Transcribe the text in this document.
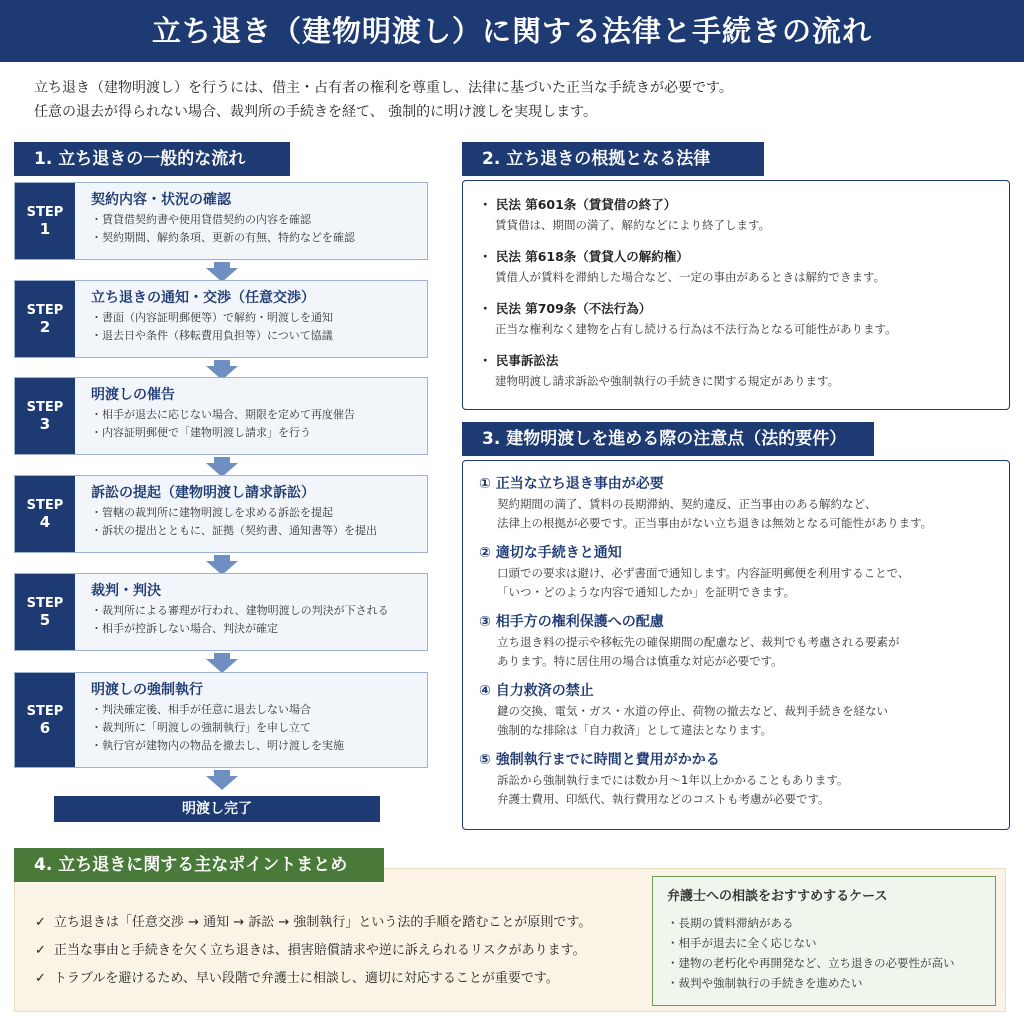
立ち退き（建物明渡し）に関する法律と手続きの流れ
立ち退き（建物明渡し）を行うには、借主・占有者の権利を尊重し、法律に基づいた正当な手続きが必要です。
任意の退去が得られない場合、裁判所の手続きを経て、 強制的に明け渡しを実現します。
1. 立ち退きの一般的な流れ
STEP
1
契約内容・状況の確認
・賃貸借契約書や使用貸借契約の内容を確認
・契約期間、解約条項、更新の有無、特約などを確認
STEP
2
立ち退きの通知・交渉（任意交渉）
・書面（内容証明郵便等）で解約・明渡しを通知
・退去日や条件（移転費用負担等）について協議
STEP
3
明渡しの催告
・相手が退去に応じない場合、期限を定めて再度催告
・内容証明郵便で「建物明渡し請求」を行う
STEP
4
訴訟の提起（建物明渡し請求訴訟）
・管轄の裁判所に建物明渡しを求める訴訟を提起
・訴状の提出とともに、証拠（契約書、通知書等）を提出
STEP
5
裁判・判決
・裁判所による審理が行われ、建物明渡しの判決が下される
・相手が控訴しない場合、判決が確定
STEP
6
明渡しの強制執行
・判決確定後、相手が任意に退去しない場合
・裁判所に「明渡しの強制執行」を申し立て
・執行官が建物内の物品を撤去し、明け渡しを実施
明渡し完了
2. 立ち退きの根拠となる法律
・ 民法 第601条（賃貸借の終了）
賃貸借は、期間の満了、解約などにより終了します。
・ 民法 第618条（賃貸人の解約権）
賃借人が賃料を滞納した場合など、一定の事由があるときは解約できます。
・ 民法 第709条（不法行為）
正当な権利なく建物を占有し続ける行為は不法行為となる可能性があります。
・ 民事訴訟法
建物明渡し請求訴訟や強制執行の手続きに関する規定があります。
3. 建物明渡しを進める際の注意点（法的要件）
① 正当な立ち退き事由が必要
契約期間の満了、賃料の長期滞納、契約違反、正当事由のある解約など、
法律上の根拠が必要です。正当事由がない立ち退きは無効となる可能性があります。
② 適切な手続きと通知
口頭での要求は避け、必ず書面で通知します。内容証明郵便を利用することで、
「いつ・どのような内容で通知したか」を証明できます。
③ 相手方の権利保護への配慮
立ち退き料の提示や移転先の確保期間の配慮など、裁判でも考慮される要素が
あります。特に居住用の場合は慎重な対応が必要です。
④ 自力救済の禁止
鍵の交換、電気・ガス・水道の停止、荷物の撤去など、裁判手続きを経ない
強制的な排除は「自力救済」として違法となります。
⑤ 強制執行までに時間と費用がかかる
訴訟から強制執行までには数か月〜1年以上かかることもあります。
弁護士費用、印紙代、執行費用などのコストも考慮が必要です。
✓ 立ち退きは「任意交渉 → 通知 → 訴訟 → 強制執行」という法的手順を踏むことが原則です。
✓ 正当な事由と手続きを欠く立ち退きは、損害賠償請求や逆に訴えられるリスクがあります。
✓ トラブルを避けるため、早い段階で弁護士に相談し、適切に対応することが重要です。
4. 立ち退きに関する主なポイントまとめ
弁護士への相談をおすすめするケース
・長期の賃料滞納がある
・相手が退去に全く応じない
・建物の老朽化や再開発など、立ち退きの必要性が高い
・裁判や強制執行の手続きを進めたい
